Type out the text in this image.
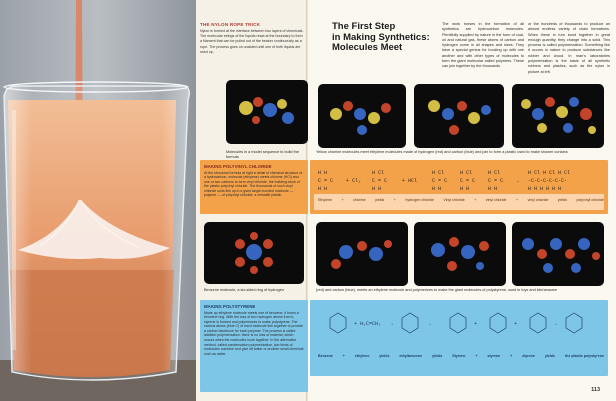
THE NYLON ROPE TRICK
Nylon is formed at the interface between two layers of chemicals. The molecular strings of the liquids react at the boundary to form a filament that can be pulled out of the beaker continuously as a rope. The process goes on unaided until one of both liquids are used up.
The First Step
in Making Synthetics:
Molecules Meet
The work horses in the formation of all synthetics are hydrocarbon molecules. Plentifully supplied by nature in the form of coal, oil and natural gas, these atoms of carbon and hydrogen come in all shapes and sizes. They have a special genius for hooking up with one another and with other types of molecules to form the giant molecular called polymers. These can join together by the thousands
or the hundreds of thousands to produce an almost endless variety of chain formations. When these in turn bond together in great enough quantity, they change into a solid. This process is called polymerization. Something like it occurs in nature to produce substances like rubber and wood. In man's laboratories polymerization is the basis of all synthetic rubbers and plastics, such as the nylon in picture at left.
Molecules in a model sequence to build the formula
Yellow chlorine molecules meet ethylene molecules made of hydrogen (red) and carbon (blue) and join to form a plastic used to make shower curtains
MAKING POLYVINYL CHLORIDE
At the structural formula at right a detail of chemical structure of a hydrocarbon, molecule (ethylene) meets chlorine (HCl) and one or two carbons to form vinyl chloride, the building block of the plastic polyvinyl chloride. The thousands of such vinyl chloride units link up in a giant single-bonded molecule — polymer — of polyvinyl chloride, a versatile plastic.
H H
C = C
H H
+ Cl₂
H Cl
C = C
H H
+ HCl
H Cl
C = C
H H
H Cl
C = C
H H
H Cl
C = C
H H
→
H Cl H Cl H Cl
-C-C-C-C-C-C-
H H H H H H
Ethylene	+	chlorine	yields	+	hydrogen chloride	Vinyl chloride	+	vinyl chloride	+	vinyl chloride	yields	polyvinyl chloride
Benzene molecule, a six-sided ring of hydrogen	(red) and carbon (blue), meets an ethylene molecule and polymerizes to make the giant molecules of polystyrene, used in toys and kitchenware
MAKING POLYSTYRENE
Made up ethylene molecule meets one of benzene, it forms a benzene ring. With the loss of two hydrogen atoms from it, styrene is formed and polymerizes to make polystyrene. The various atoms (blue C) of each molecule link together to provide a carbon backbone for each polymer. The process is called addition polymerization: there is no loss of material, which occurs when the molecules hook together. In the alternative method, called condensation polymerization, two kinds of molecules combine and give off water or another small chemical such as water.
+ H₂C=CH₂ →	→	+	+	→
Benzene	+	ethylene	yields	ethylbenzene	yields	Styrene	+	styrene	+	styrene	yields	the plastic polystyrene
113
